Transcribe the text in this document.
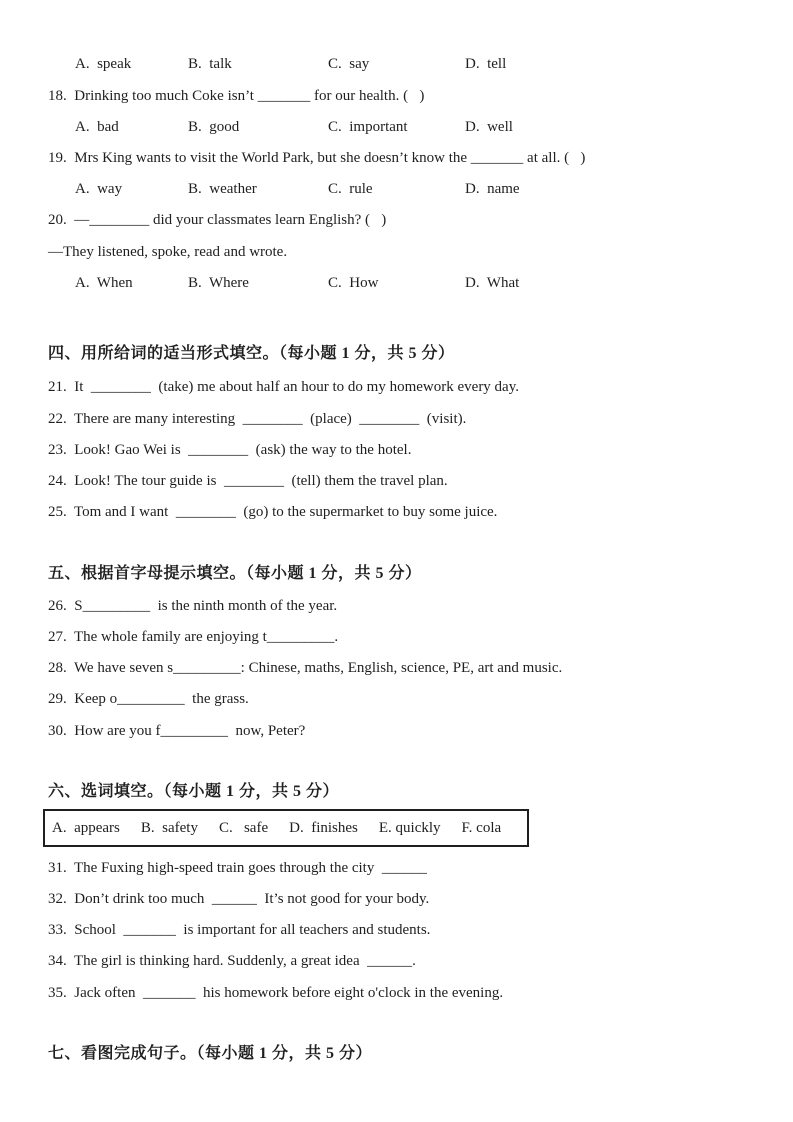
A.  speak	B.  talk	C.  say	D.  tell
18.  Drinking too much Coke isn’t _______ for our health. (   )
A.  bad	B.  good	C.  important	D.  well
19.  Mrs King wants to visit the World Park, but she doesn’t know the _______ at all. (   )
A.  way	B.  weather	C.  rule	D.  name
20.  —________ did your classmates learn English? (   )
—They listened, spoke, read and wrote.
A.  When	B.  Where	C.  How	D.  What
四、用所给词的适当形式填空。（每小题 1 分，共 5 分）
21.  It  ________  (take) me about half an hour to do my homework every day.
22.  There are many interesting  ________  (place)  ________  (visit).
23.  Look! Gao Wei is  ________  (ask) the way to the hotel.
24.  Look! The tour guide is  ________  (tell) them the travel plan.
25.  Tom and I want  ________  (go) to the supermarket to buy some juice.
五、根据首字母提示填空。（每小题 1 分，共 5 分）
26.  S_________  is the ninth month of the year.
27.  The whole family are enjoying t_________.
28.  We have seven s_________: Chinese, maths, English, science, PE, art and music.
29.  Keep o_________  the grass.
30.  How are you f_________  now, Peter?
六、选词填空。（每小题 1 分，共 5 分）
A.  appears B.  safety C.   safe D.  finishes E. quickly F. cola
31.  The Fuxing high-speed train goes through the city  ______
32.  Don’t drink too much  ______  It’s not good for your body.
33.  School  _______  is important for all teachers and students.
34.  The girl is thinking hard. Suddenly, a great idea  ______.
35.  Jack often  _______  his homework before eight o'clock in the evening.
七、看图完成句子。（每小题 1 分，共 5 分）
